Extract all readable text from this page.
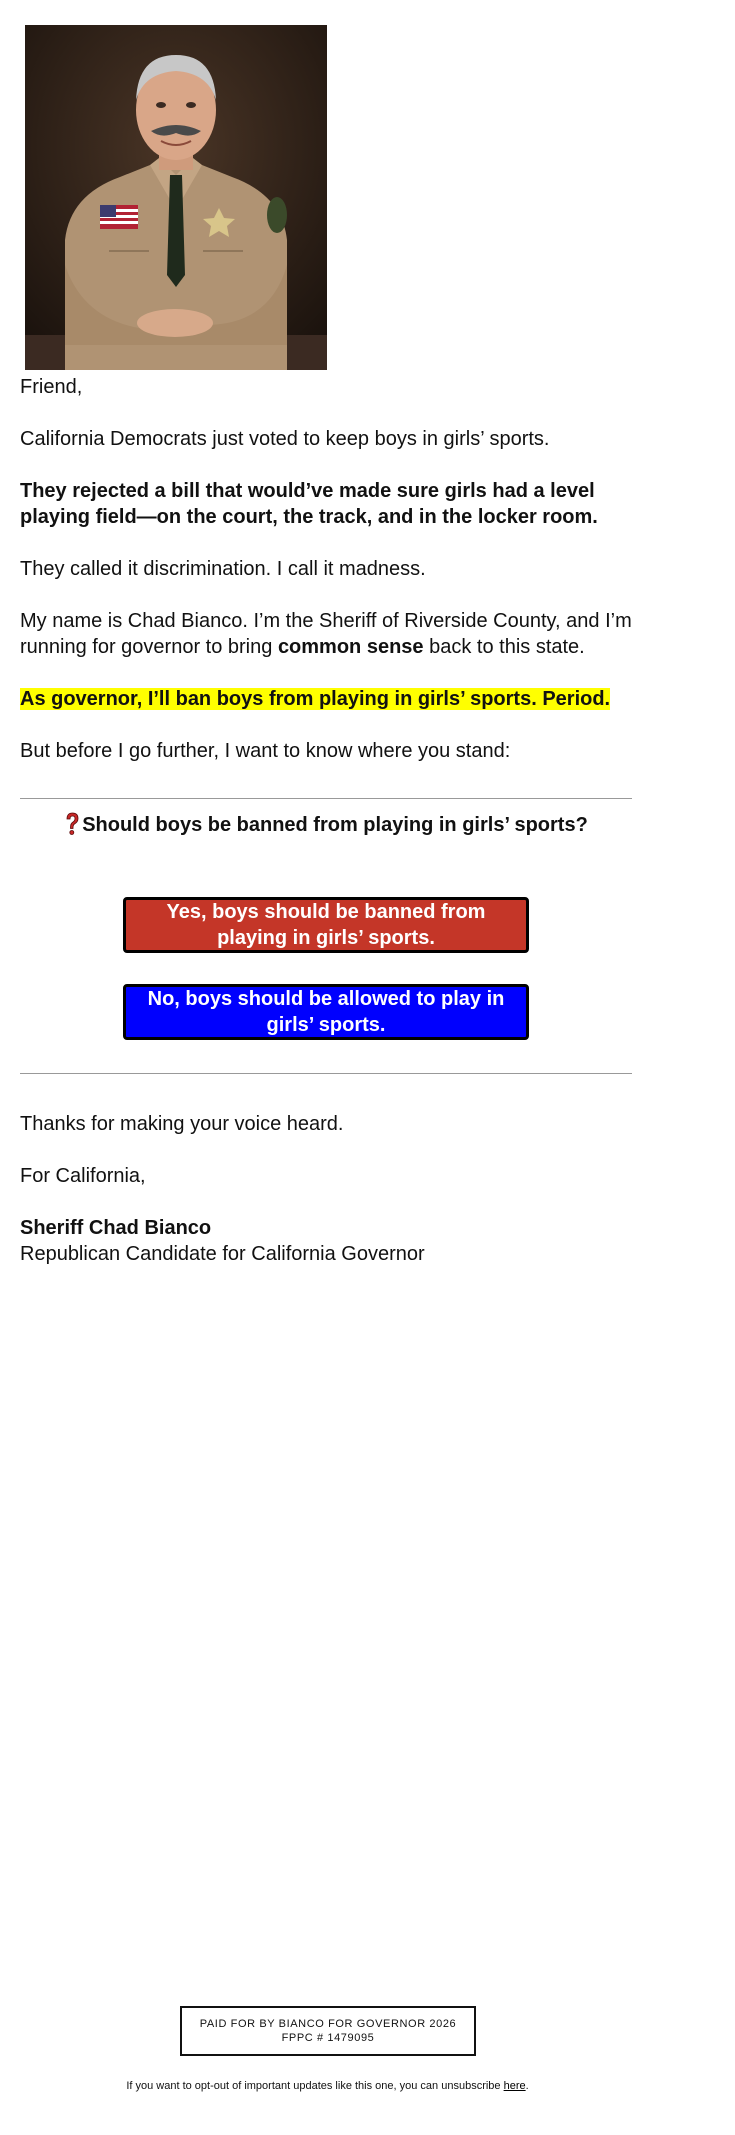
Friend,

California Democrats just voted to keep boys in girls’ sports.

They rejected a bill that would’ve made sure girls had a level playing field—on the court, the track, and in the locker room.

They called it discrimination. I call it madness.

My name is Chad Bianco. I’m the Sheriff of Riverside County, and I’m running for governor to bring common sense back to this state.

As governor, I’ll ban boys from playing in girls’ sports. Period.

But before I go further, I want to know where you stand:

Should boys be banned from playing in girls’ sports?
Yes, boys should be banned from playing in girls’ sports.
No, boys should be allowed to play in girls’ sports.

Thanks for making your voice heard.

For California,

Sheriff Chad Bianco

Republican Candidate for California Governor

PAID FOR BY BIANCO FOR GOVERNOR 2026
FPPC # 1479095
If you want to opt-out of important updates like this one, you can unsubscribe here.
